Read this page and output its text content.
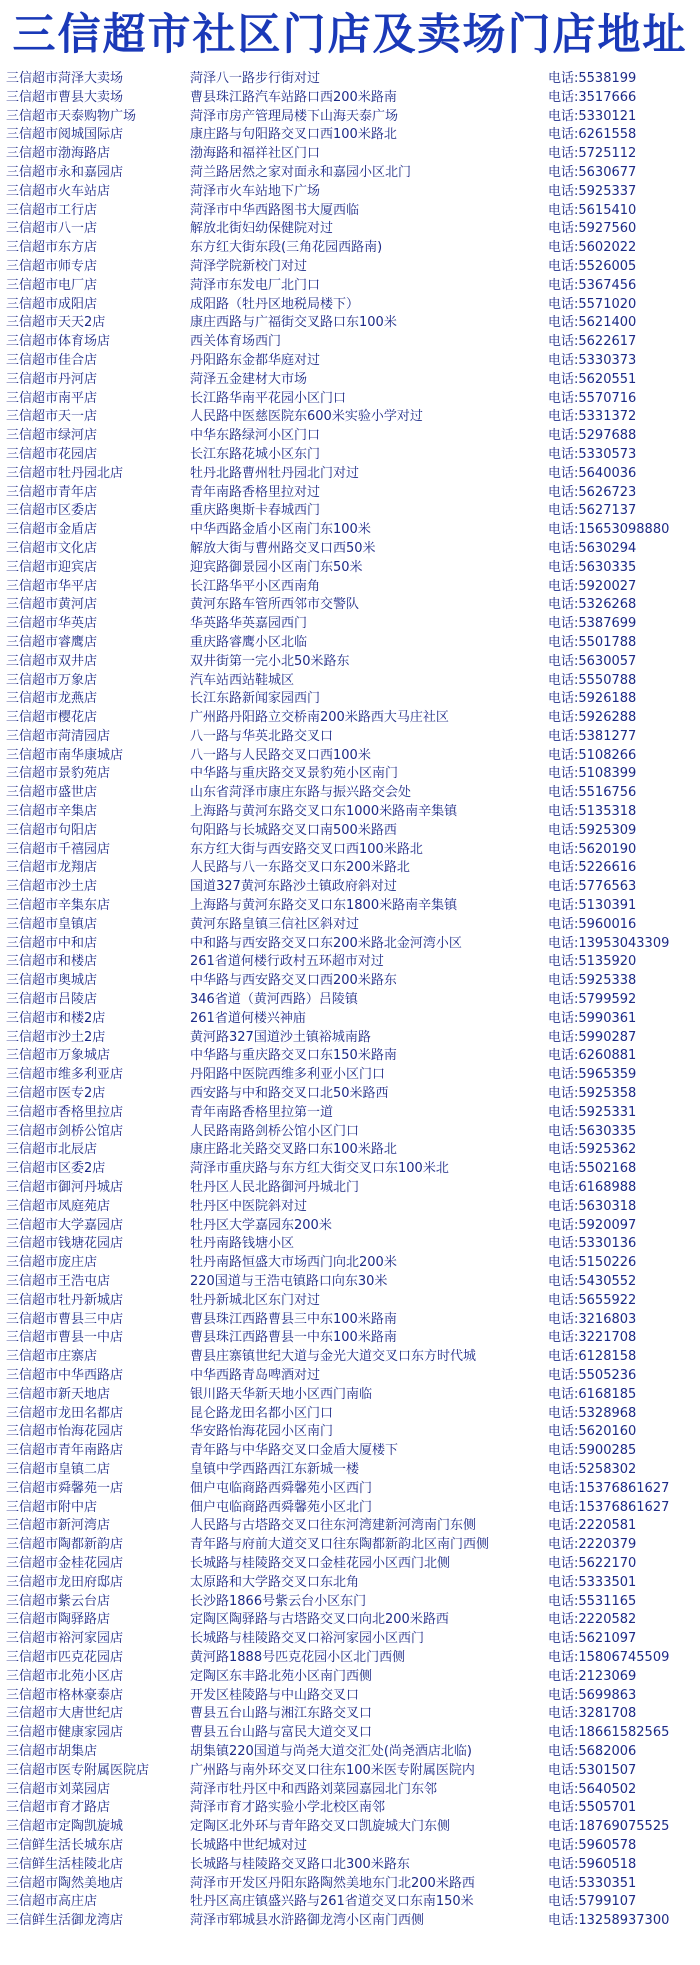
三信超市社区门店及卖场门店地址
三信超市菏泽大卖场	菏泽八一路步行街对过	电话:5538199
三信超市曹县大卖场	曹县珠江路汽车站路口西200米路南	电话:3517666
三信超市天泰购物广场	菏泽市房产管理局楼下山海天泰广场	电话:5330121
三信超市阅城国际店	康庄路与句阳路交叉口西100米路北	电话:6261558
三信超市渤海路店	渤海路和福祥社区门口	电话:5725112
三信超市永和嘉园店	菏兰路居然之家对面永和嘉园小区北门	电话:5630677
三信超市火车站店	菏泽市火车站地下广场	电话:5925337
三信超市工行店	菏泽市中华西路图书大厦西临	电话:5615410
三信超市八一店	解放北街妇幼保健院对过	电话:5927560
三信超市东方店	东方红大街东段(三角花园西路南)	电话:5602022
三信超市师专店	菏泽学院新校门对过	电话:5526005
三信超市电厂店	菏泽市东发电厂北门口	电话:5367456
三信超市成阳店	成阳路（牡丹区地税局楼下）	电话:5571020
三信超市天天2店	康庄西路与广福街交叉路口东100米	电话:5621400
三信超市体育场店	西关体育场西门	电话:5622617
三信超市佳合店	丹阳路东金都华庭对过	电话:5330373
三信超市丹河店	菏泽五金建材大市场	电话:5620551
三信超市南平店	长江路华南平花园小区门口	电话:5570716
三信超市天一店	人民路中医慈医院东600米实验小学对过	电话:5331372
三信超市绿河店	中华东路绿河小区门口	电话:5297688
三信超市花园店	长江东路花城小区东门	电话:5330573
三信超市牡丹园北店	牡丹北路曹州牡丹园北门对过	电话:5640036
三信超市青年店	青年南路香格里拉对过	电话:5626723
三信超市区委店	重庆路奥斯卡春城西门	电话:5627137
三信超市金盾店	中华西路金盾小区南门东100米	电话:15653098880
三信超市文化店	解放大街与曹州路交叉口西50米	电话:5630294
三信超市迎宾店	迎宾路御景园小区南门东50米	电话:5630335
三信超市华平店	长江路华平小区西南角	电话:5920027
三信超市黄河店	黄河东路车管所西邻市交警队	电话:5326268
三信超市华英店	华英路华英嘉园西门	电话:5387699
三信超市睿鹰店	重庆路睿鹰小区北临	电话:5501788
三信超市双井店	双井街第一完小北50米路东	电话:5630057
三信超市万象店	汽车站西站鞋城区	电话:5550788
三信超市龙燕店	长江东路新闻家园西门	电话:5926188
三信超市樱花店	广州路丹阳路立交桥南200米路西大马庄社区	电话:5926288
三信超市菏清园店	八一路与华英北路交叉口	电话:5381277
三信超市南华康城店	八一路与人民路交叉口西100米	电话:5108266
三信超市景豹苑店	中华路与重庆路交叉景豹苑小区南门	电话:5108399
三信超市盛世店	山东省菏泽市康庄东路与振兴路交会处	电话:5516756
三信超市辛集店	上海路与黄河东路交叉口东1000米路南辛集镇	电话:5135318
三信超市句阳店	句阳路与长城路交叉口南500米路西	电话:5925309
三信超市千禧园店	东方红大街与西安路交叉口西100米路北	电话:5620190
三信超市龙翔店	人民路与八一东路交叉口东200米路北	电话:5226616
三信超市沙土店	国道327黄河东路沙土镇政府斜对过	电话:5776563
三信超市辛集东店	上海路与黄河东路交叉口东1800米路南辛集镇	电话:5130391
三信超市皇镇店	黄河东路皇镇三信社区斜对过	电话:5960016
三信超市中和店	中和路与西安路交叉口东200米路北金河湾小区	电话:13953043309
三信超市和楼店	261省道何楼行政村五环超市对过	电话:5135920
三信超市奥城店	中华路与西安路交叉口西200米路东	电话:5925338
三信超市吕陵店	346省道（黄河西路）吕陵镇	电话:5799592
三信超市和楼2店	261省道何楼兴神庙	电话:5990361
三信超市沙土2店	黄河路327国道沙土镇裕城南路	电话:5990287
三信超市万象城店	中华路与重庆路交叉口东150米路南	电话:6260881
三信超市维多利亚店	丹阳路中医院西维多利亚小区门口	电话:5965359
三信超市医专2店	西安路与中和路交叉口北50米路西	电话:5925358
三信超市香格里拉店	青年南路香格里拉第一道	电话:5925331
三信超市剑桥公馆店	人民路南路剑桥公馆小区门口	电话:5630335
三信超市北辰店	康庄路北关路交叉路口东100米路北	电话:5925362
三信超市区委2店	菏泽市重庆路与东方红大街交叉口东100米北	电话:5502168
三信超市御河丹城店	牡丹区人民北路御河丹城北门	电话:6168988
三信超市凤庭苑店	牡丹区中医院斜对过	电话:5630318
三信超市大学嘉园店	牡丹区大学嘉园东200米	电话:5920097
三信超市钱塘花园店	牡丹南路钱塘小区	电话:5330136
三信超市庞庄店	牡丹南路恒盛大市场西门向北200米	电话:5150226
三信超市王浩屯店	220国道与王浩屯镇路口向东30米	电话:5430552
三信超市牡丹新城店	牡丹新城北区东门对过	电话:5655922
三信超市曹县三中店	曹县珠江西路曹县三中东100米路南	电话:3216803
三信超市曹县一中店	曹县珠江西路曹县一中东100米路南	电话:3221708
三信超市庄寨店	曹县庄寨镇世纪大道与金光大道交叉口东方时代城	电话:6128158
三信超市中华西路店	中华西路青岛啤酒对过	电话:5505236
三信超市新天地店	银川路天华新天地小区西门南临	电话:6168185
三信超市龙田名都店	昆仑路龙田名都小区门口	电话:5328968
三信超市怡海花园店	华安路怡海花园小区南门	电话:5620160
三信超市青年南路店	青年路与中华路交叉口金盾大厦楼下	电话:5900285
三信超市皇镇二店	皇镇中学西路西江东新城一楼	电话:5258302
三信超市舜馨苑一店	佃户屯临商路西舜馨苑小区西门	电话:15376861627
三信超市附中店	佃户屯临商路西舜馨苑小区北门	电话:15376861627
三信超市新河湾店	人民路与古塔路交叉口往东河湾建新河湾南门东侧	电话:2220581
三信超市陶都新韵店	青年路与府前大道交叉口往东陶都新韵北区南门西侧	电话:2220379
三信超市金桂花园店	长城路与桂陵路交叉口金桂花园小区西门北侧	电话:5622170
三信超市龙田府邸店	太原路和大学路交叉口东北角	电话:5333501
三信超市紫云台店	长沙路1866号紫云台小区东门	电话:5531165
三信超市陶驿路店	定陶区陶驿路与古塔路交叉口向北200米路西	电话:2220582
三信超市裕河家园店	长城路与桂陵路交叉口裕河家园小区西门	电话:5621097
三信超市匹克花园店	黄河路1888号匹克花园小区北门西侧	电话:15806745509
三信超市北苑小区店	定陶区东丰路北苑小区南门西侧	电话:2123069
三信超市格林豪泰店	开发区桂陵路与中山路交叉口	电话:5699863
三信超市大唐世纪店	曹县五台山路与湘江东路交叉口	电话:3281708
三信超市健康家园店	曹县五台山路与富民大道交叉口	电话:18661582565
三信超市胡集店	胡集镇220国道与尚尧大道交汇处(尚尧酒店北临)	电话:5682006
三信超市医专附属医院店	广州路与南外环交叉口往东100米医专附属医院内	电话:5301507
三信超市刘菜园店	菏泽市牡丹区中和西路刘菜园嘉园北门东邻	电话:5640502
三信超市育才路店	菏泽市育才路实验小学北校区南邻	电话:5505701
三信超市定陶凯旋城	定陶区北外环与青年路交叉口凯旋城大门东侧	电话:18769075525
三信鲜生活长城东店	长城路中世纪城对过	电话:5960578
三信鲜生活桂陵北店	长城路与桂陵路交叉路口北300米路东	电话:5960518
三信超市陶然美地店	菏泽市开发区丹阳东路陶然美地东门北200米路西	电话:5330351
三信超市高庄店	牡丹区高庄镇盛兴路与261省道交叉口东南150米	电话:5799107
三信鲜生活御龙湾店	菏泽市郓城县水浒路御龙湾小区南门西侧	电话:13258937300
